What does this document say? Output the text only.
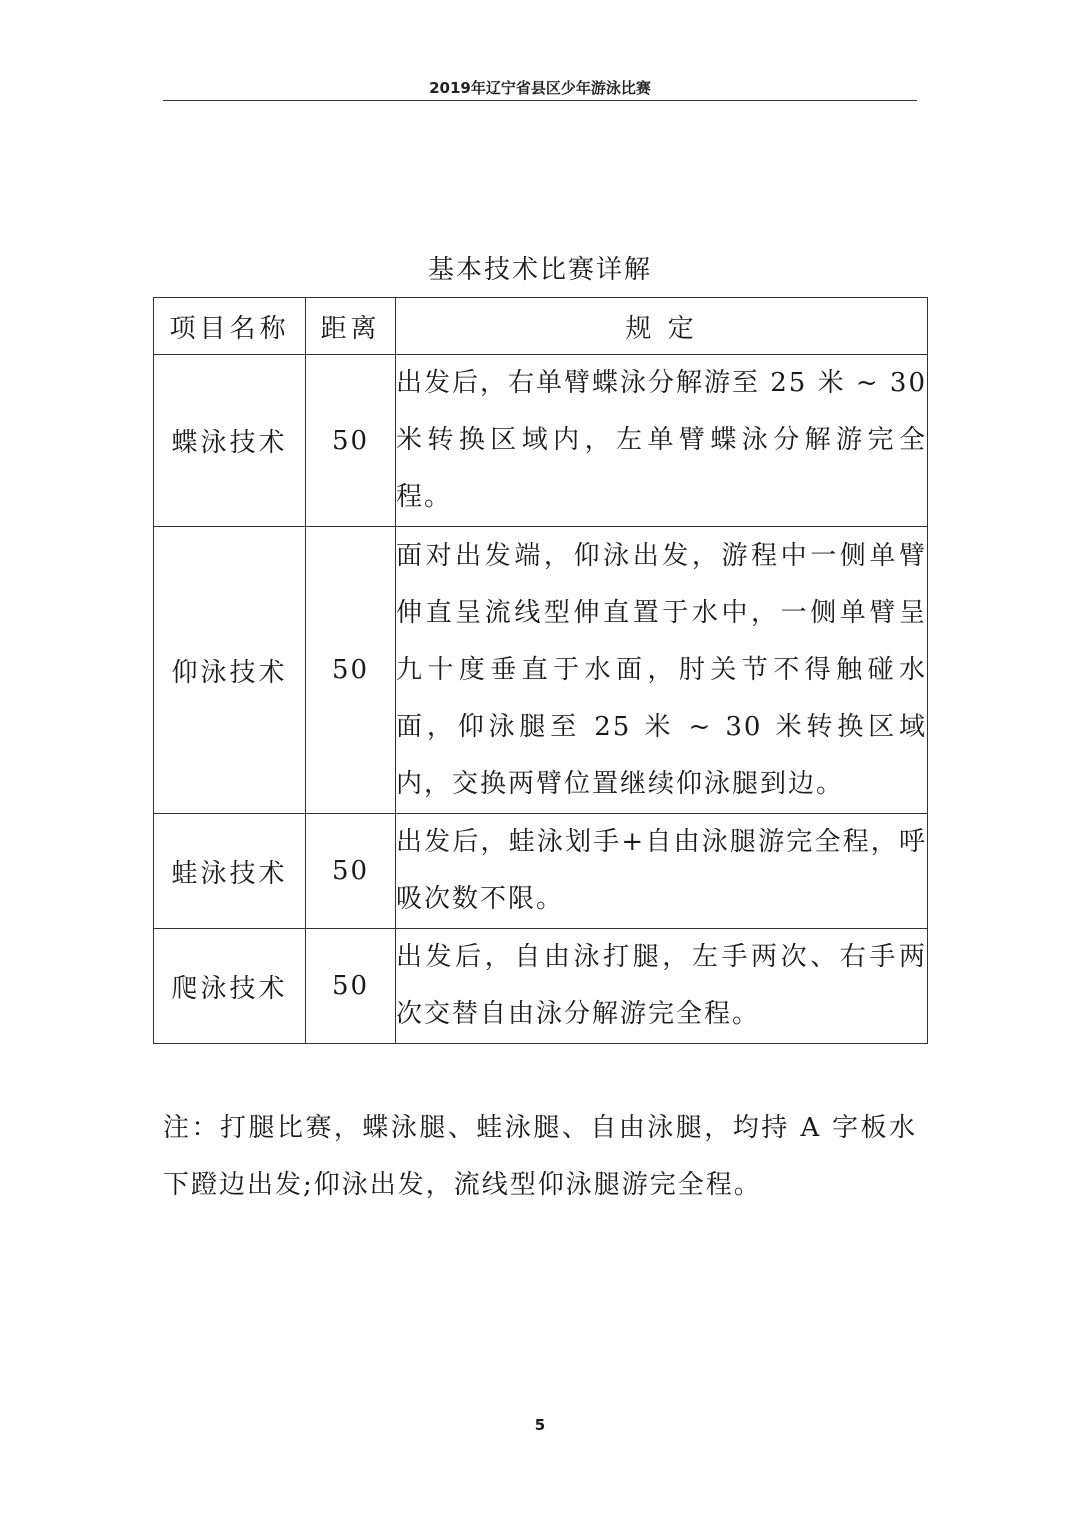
2019年辽宁省县区少年游泳比赛
基本技术比赛详解
项目名称	距离	规 定
蝶泳技术	50	出发后，右单臂蝶泳分解游至 25 米 ~ 30 米转换区域内，左单臂蝶泳分解游完全程。
仰泳技术	50	面对出发端，仰泳出发，游程中一侧单臂伸直呈流线型伸直置于水中，一侧单臂呈九十度垂直于水面，肘关节不得触碰水面，仰泳腿至 25 米 ~ 30 米转换区域内，交换两臂位置继续仰泳腿到边。
蛙泳技术	50	出发后，蛙泳划手+自由泳腿游完全程，呼吸次数不限。
爬泳技术	50	出发后，自由泳打腿，左手两次、右手两次交替自由泳分解游完全程。
注：打腿比赛，蝶泳腿、蛙泳腿、自由泳腿，均持 A 字板水下蹬边出发;仰泳出发，流线型仰泳腿游完全程。
5
